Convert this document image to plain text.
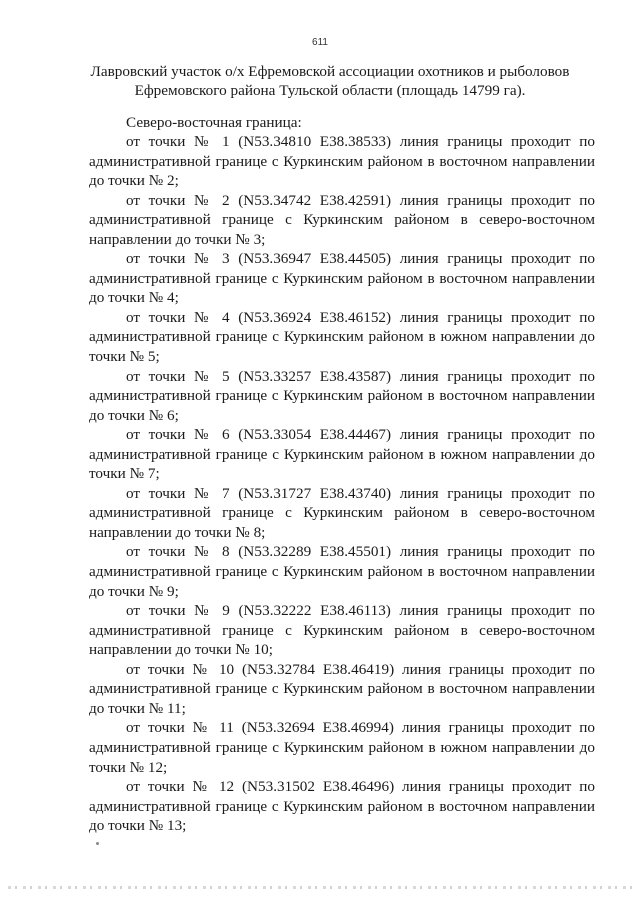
611
Лавровский участок о/х Ефремовской ассоциации охотников и рыболовов
Ефремовского района Тульской области (площадь 14799 га).
Северо-восточная граница:

от точки № 1 (N53.34810 E38.38533) линия границы проходит по административной границе с Куркинским районом в восточном направлении до точки № 2;

от точки № 2 (N53.34742 E38.42591) линия границы проходит по административной границе с Куркинским районом в северо-восточном направлении до точки № 3;

от точки № 3 (N53.36947 E38.44505) линия границы проходит по административной границе с Куркинским районом в восточном направлении до точки № 4;

от точки № 4 (N53.36924 E38.46152) линия границы проходит по административной границе с Куркинским районом в южном направлении до точки № 5;

от точки № 5 (N53.33257 E38.43587) линия границы проходит по административной границе с Куркинским районом в восточном направлении до точки № 6;

от точки № 6 (N53.33054 E38.44467) линия границы проходит по административной границе с Куркинским районом в южном направлении до точки № 7;

от точки № 7 (N53.31727 E38.43740) линия границы проходит по административной границе с Куркинским районом в северо-восточном направлении до точки № 8;

от точки № 8 (N53.32289 E38.45501) линия границы проходит по административной границе с Куркинским районом в восточном направлении до точки № 9;

от точки № 9 (N53.32222 E38.46113) линия границы проходит по административной границе с Куркинским районом в северо-восточном направлении до точки № 10;

от точки № 10 (N53.32784 E38.46419) линия границы проходит по административной границе с Куркинским районом в восточном направлении до точки № 11;

от точки № 11 (N53.32694 E38.46994) линия границы проходит по административной границе с Куркинским районом в южном направлении до точки № 12;

от точки № 12 (N53.31502 E38.46496) линия границы проходит по административной границе с Куркинским районом в восточном направлении до точки № 13;
